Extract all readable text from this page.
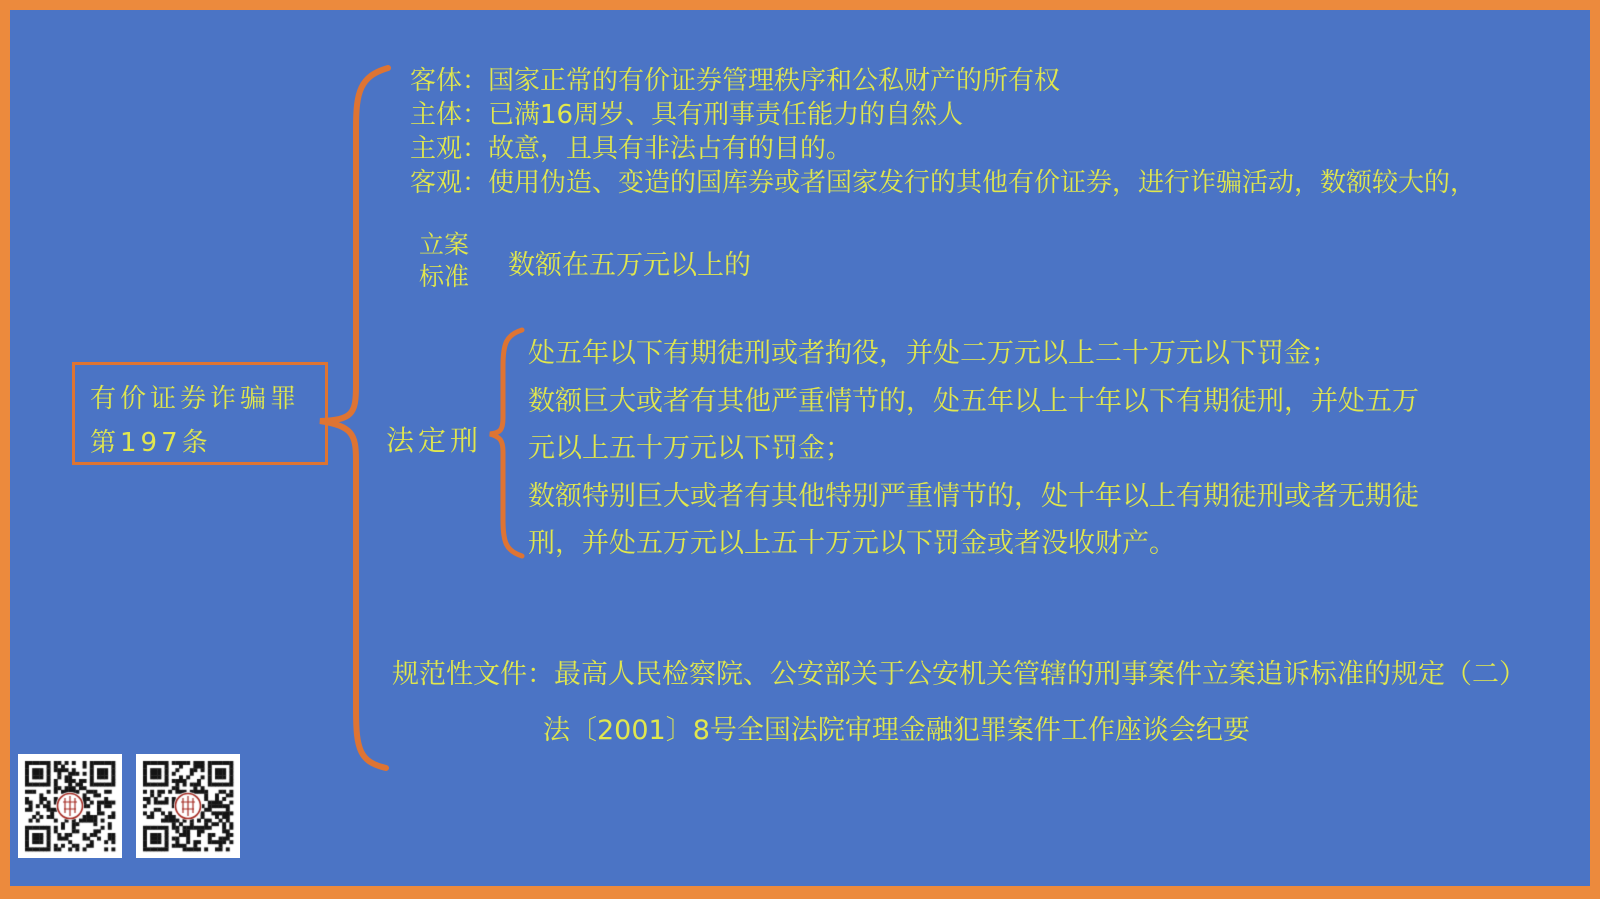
有价证券诈骗罪
第197条
客体：国家正常的有价证券管理秩序和公私财产的所有权
主体：已满16周岁、具有刑事责任能力的自然人
主观：故意，且具有非法占有的目的。
客观：使用伪造、变造的国库券或者国家发行的其他有价证券，进行诈骗活动，数额较大的，
立案
标准 数额在五万元以上的
法定刑
处五年以下有期徒刑或者拘役，并处二万元以上二十万元以下罚金；
数额巨大或者有其他严重情节的，处五年以上十年以下有期徒刑，并处五万
元以上五十万元以下罚金；
数额特别巨大或者有其他特别严重情节的，处十年以上有期徒刑或者无期徒
刑，并处五万元以上五十万元以下罚金或者没收财产。
规范性文件：最高人民检察院、公安部关于公安机关管辖的刑事案件立案追诉标准的规定（二）
法〔2001〕8号全国法院审理金融犯罪案件工作座谈会纪要
